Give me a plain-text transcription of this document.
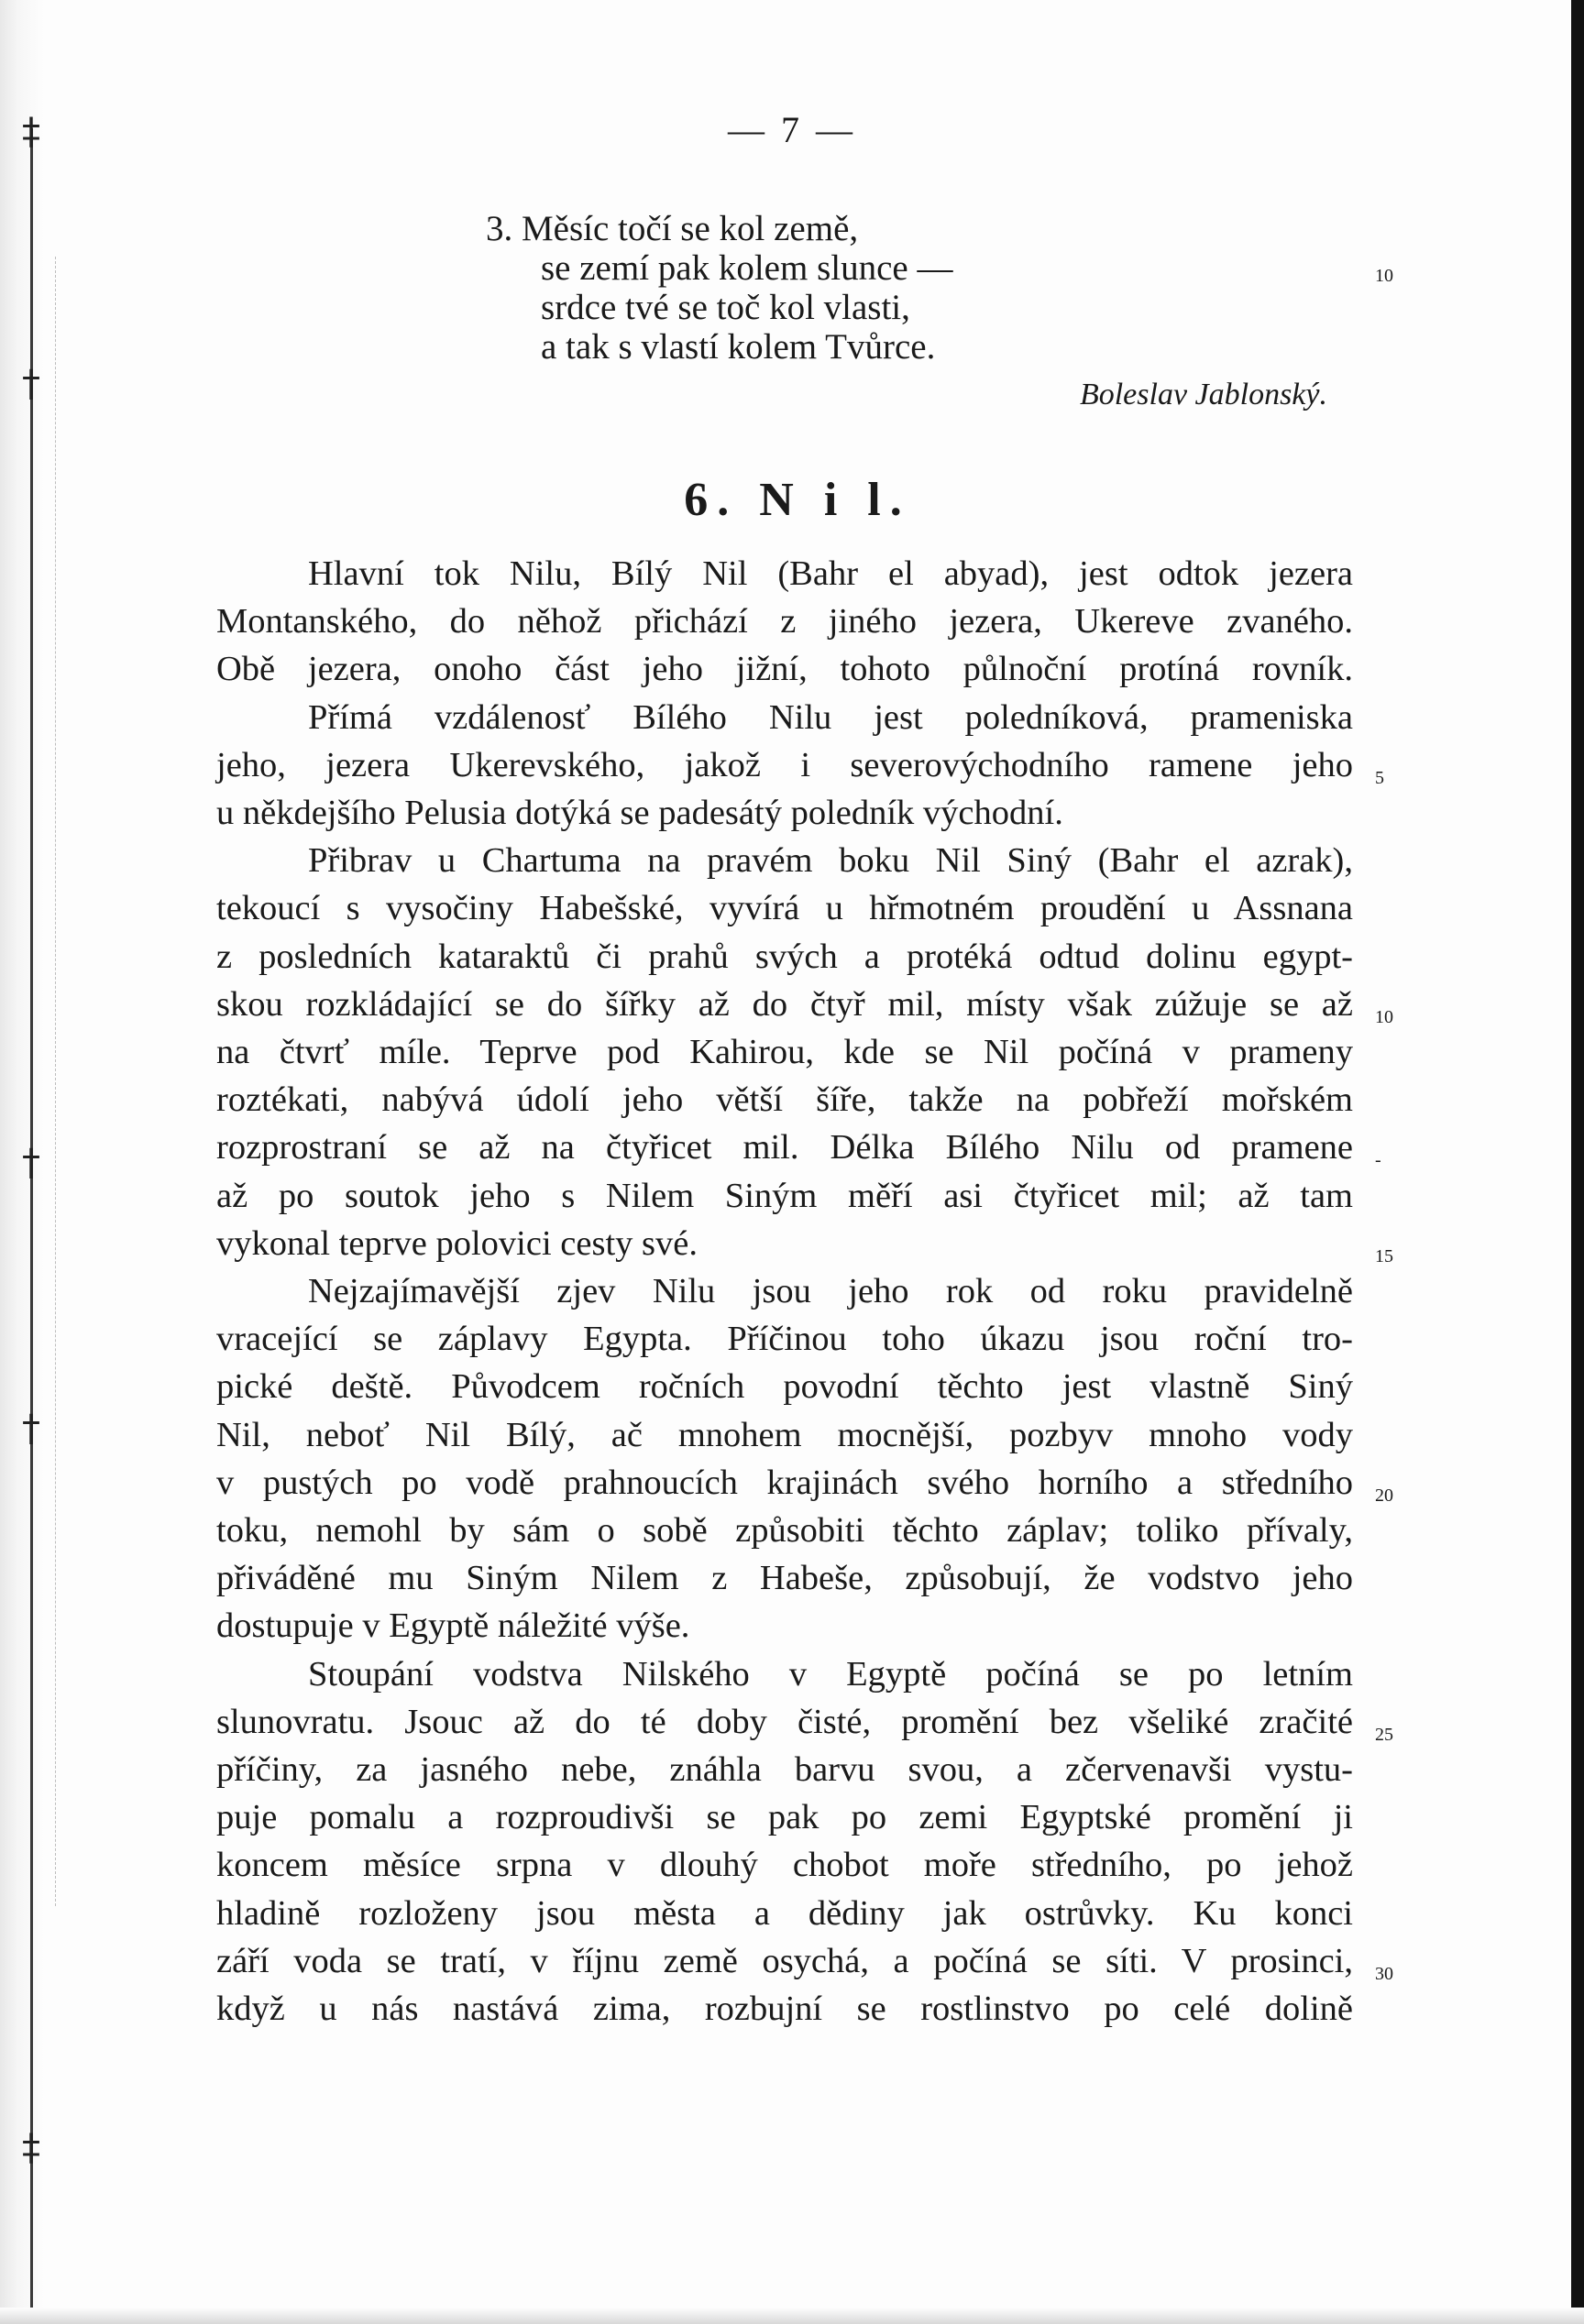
‡
†
†
†
‡
— 7 —
3. Měsíc točí se kol země,
se zemí pak kolem slunce —
srdce tvé se toč kol vlasti,
a tak s vlastí kolem Tvůrce.
Boleslav Jablonský.
6. N i l.
Hlavní tok Nilu, Bílý Nil (Bahr el abyad), jest odtok jezera
Montanského, do něhož přichází z jiného jezera, Ukereve zvaného.
Obě jezera, onoho část jeho jižní, tohoto půlnoční protíná rovník.
Přímá vzdálenosť Bílého Nilu jest poledníková, prameniska
jeho, jezera Ukerevského, jakož i severovýchodního ramene jeho
u někdejšího Pelusia dotýká se padesátý poledník východní.
Přibrav u Chartuma na pravém boku Nil Siný (Bahr el azrak),
tekoucí s vysočiny Habešské, vyvírá u hřmotném proudění u Assnana
z posledních kataraktů či prahů svých a protéká odtud dolinu egypt-
skou rozkládající se do šířky až do čtyř mil, místy však zúžuje se až
na čtvrť míle. Teprve pod Kahirou, kde se Nil počíná v prameny
roztékati, nabývá údolí jeho větší šíře, takže na pobřeží mořském
rozprostraní se až na čtyřicet mil. Délka Bílého Nilu od pramene
až po soutok jeho s Nilem Siným měří asi čtyřicet mil; až tam
vykonal teprve polovici cesty své.
Nejzajímavější zjev Nilu jsou jeho rok od roku pravidelně
vracející se záplavy Egypta. Příčinou toho úkazu jsou roční tro-
pické deště. Původcem ročních povodní těchto jest vlastně Siný
Nil, neboť Nil Bílý, ač mnohem mocnější, pozbyv mnoho vody
v pustých po vodě prahnoucích krajinách svého horního a středního
toku, nemohl by sám o sobě způsobiti těchto záplav; toliko přívaly,
přiváděné mu Siným Nilem z Habeše, způsobují, že vodstvo jeho
dostupuje v Egyptě náležité výše.
Stoupání vodstva Nilského v Egyptě počíná se po letním
slunovratu. Jsouc až do té doby čisté, promění bez všeliké zračité
příčiny, za jasného nebe, znáhla barvu svou, a zčervenavši vystu-
puje pomalu a rozproudivši se pak po zemi Egyptské promění ji
koncem měsíce srpna v dlouhý chobot moře středního, po jehož
hladině rozloženy jsou města a dědiny jak ostrůvky. Ku konci
září voda se tratí, v říjnu země osychá, a počíná se síti. V prosinci,
když u nás nastává zima, rozbujní se rostlinstvo po celé dolině
10
5
10
-
15
20
25
30
